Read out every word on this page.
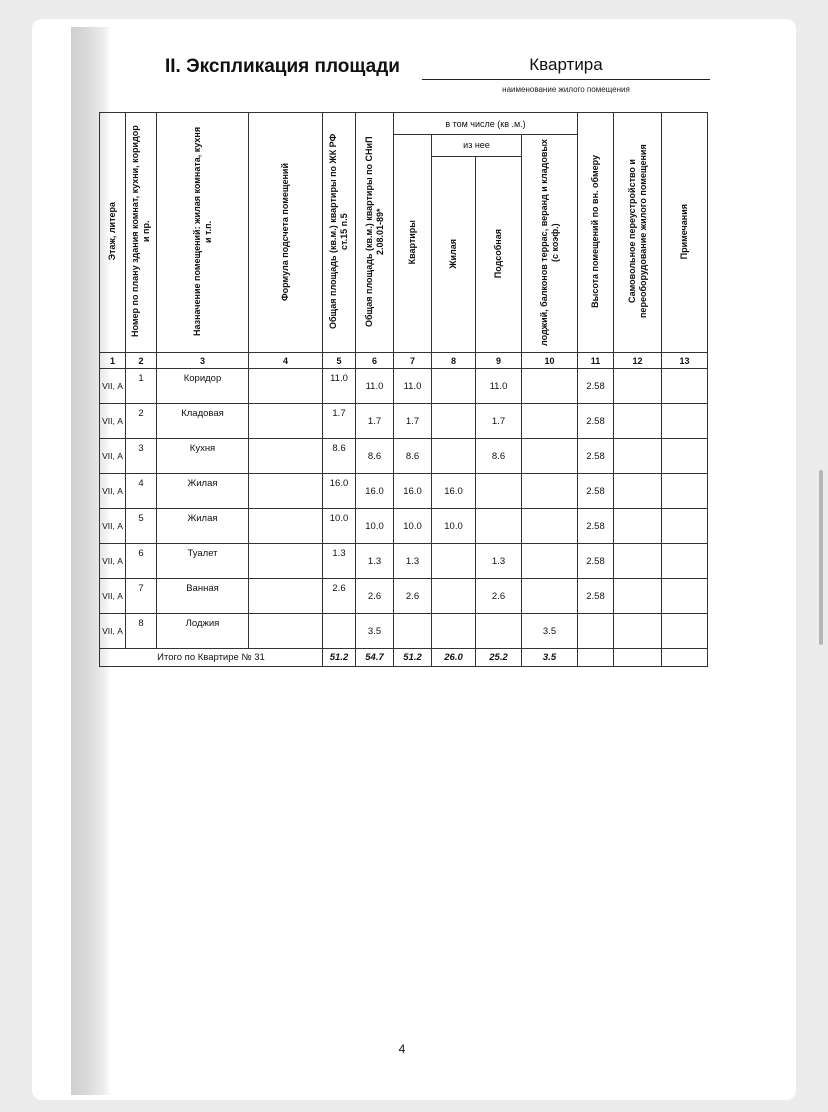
II. Экспликация площади	Квартира
наименование жилого помещения
Этаж, литера	Номер по плану здания комнат, кухни, коридор и пр.	Назначение помещений: жилая комната, кухня и т.п.	Формула подсчета помещений	Общая площадь (кв.м.) квартиры по ЖК РФ ст.15 п.5	Общая площадь (кв.м.) квартиры по СНиП 2.08.01-89*	в том числе (кв .м.)				Высота помещений по вн. обмеру	Самовольное переустройство и переоборудование жилого помещения	Примечания
						Квартиры	из нее		лоджий, балконов террас, веранд и кладовых (с коэф.)			
							Жилая	Подсобная				
1	2	3	4	5	6	7	8	9	10	11	12	13
VII, А	1	Коридор		11.0	11.0	11.0		11.0		2.58		
VII, А	2	Кладовая		1.7	1.7	1.7		1.7		2.58		
VII, А	3	Кухня		8.6	8.6	8.6		8.6		2.58		
VII, А	4	Жилая		16.0	16.0	16.0	16.0			2.58		
VII, А	5	Жилая		10.0	10.0	10.0	10.0			2.58		
VII, А	6	Туалет		1.3	1.3	1.3		1.3		2.58		
VII, А	7	Ванная		2.6	2.6	2.6		2.6		2.58		
VII, А	8	Лоджия			3.5				3.5			
Итого по Квартире № 31				51.2	54.7	51.2	26.0	25.2	3.5			
4
